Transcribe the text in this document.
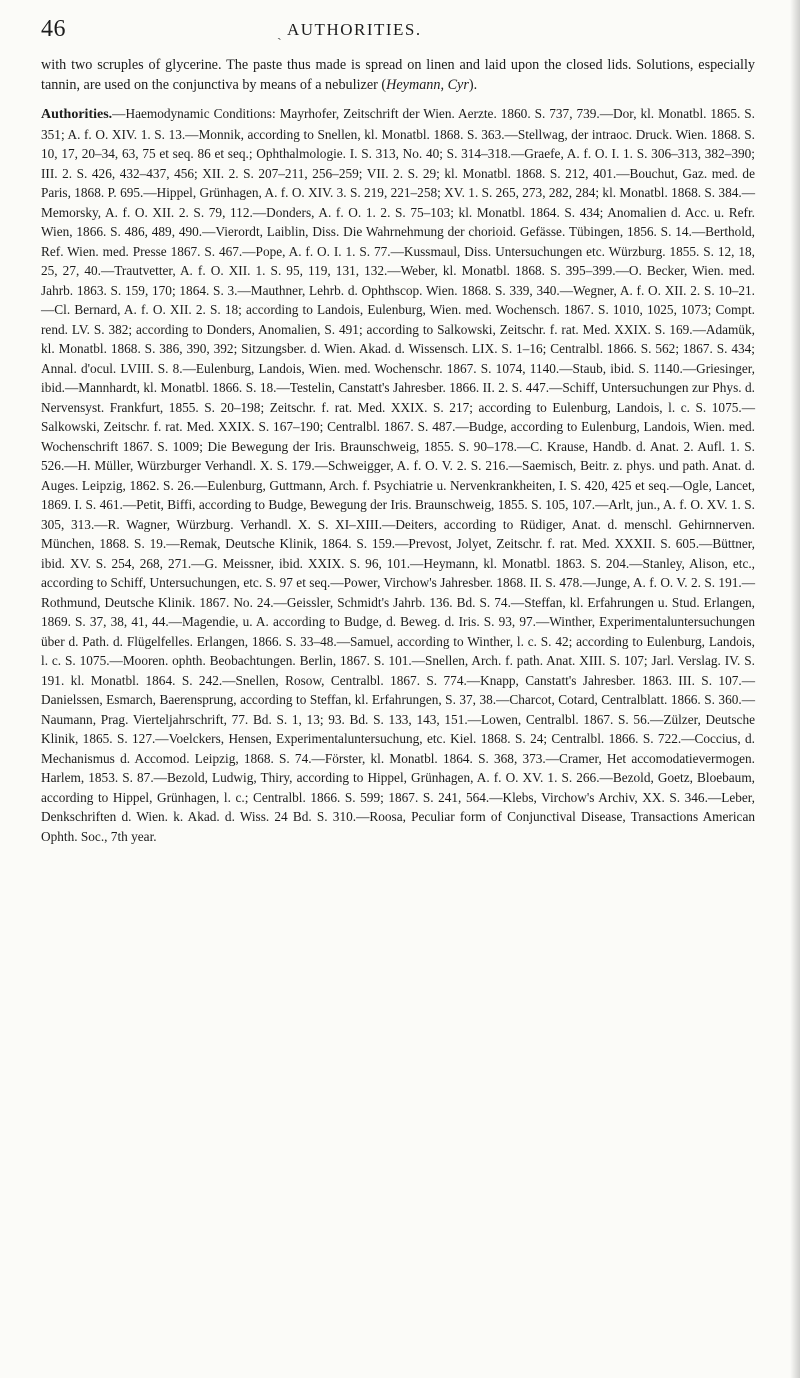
46
ˏ	AUTHORITIES.

with two scruples of glycerine. The paste thus made is spread on linen and laid upon the closed lids. Solutions, especially tannin, are used on the conjunctiva by means of a nebulizer (Heymann, Cyr).

Authorities.—Haemodynamic Conditions: Mayrhofer, Zeitschrift der Wien. Aerzte. 1860. S. 737, 739.—Dor, kl. Monatbl. 1865. S. 351; A. f. O. XIV. 1. S. 13.—Monnik, according to Snellen, kl. Monatbl. 1868. S. 363.—Stellwag, der intraoc. Druck. Wien. 1868. S. 10, 17, 20–34, 63, 75 et seq. 86 et seq.; Ophthalmologie. I. S. 313, No. 40; S. 314–318.—Graefe, A. f. O. I. 1. S. 306–313, 382–390; III. 2. S. 426, 432–437, 456; XII. 2. S. 207–211, 256–259; VII. 2. S. 29; kl. Monatbl. 1868. S. 212, 401.—Bouchut, Gaz. med. de Paris, 1868. P. 695.—Hippel, Grünhagen, A. f. O. XIV. 3. S. 219, 221–258; XV. 1. S. 265, 273, 282, 284; kl. Monatbl. 1868. S. 384.—Memorsky, A. f. O. XII. 2. S. 79, 112.—Donders, A. f. O. 1. 2. S. 75–103; kl. Monatbl. 1864. S. 434; Anomalien d. Acc. u. Refr. Wien, 1866. S. 486, 489, 490.—Vierordt, Laiblin, Diss. Die Wahrnehmung der chorioid. Gefässe. Tübingen, 1856. S. 14.—Berthold, Ref. Wien. med. Presse 1867. S. 467.—Pope, A. f. O. I. 1. S. 77.—Kussmaul, Diss. Untersuchungen etc. Würzburg. 1855. S. 12, 18, 25, 27, 40.—Trautvetter, A. f. O. XII. 1. S. 95, 119, 131, 132.—Weber, kl. Monatbl. 1868. S. 395–399.—O. Becker, Wien. med. Jahrb. 1863. S. 159, 170; 1864. S. 3.—Mauthner, Lehrb. d. Ophthscop. Wien. 1868. S. 339, 340.—Wegner, A. f. O. XII. 2. S. 10–21.—Cl. Bernard, A. f. O. XII. 2. S. 18; according to Landois, Eulenburg, Wien. med. Wochensch. 1867. S. 1010, 1025, 1073; Compt. rend. LV. S. 382; according to Donders, Anomalien, S. 491; according to Salkowski, Zeitschr. f. rat. Med. XXIX. S. 169.—Adamük, kl. Monatbl. 1868. S. 386, 390, 392; Sitzungsber. d. Wien. Akad. d. Wissensch. LIX. S. 1–16; Centralbl. 1866. S. 562; 1867. S. 434; Annal. d'ocul. LVIII. S. 8.—Eulenburg, Landois, Wien. med. Wochenschr. 1867. S. 1074, 1140.—Staub, ibid. S. 1140.—Griesinger, ibid.—Mannhardt, kl. Monatbl. 1866. S. 18.—Testelin, Canstatt's Jahresber. 1866. II. 2. S. 447.—Schiff, Untersuchungen zur Phys. d. Nervensyst. Frankfurt, 1855. S. 20–198; Zeitschr. f. rat. Med. XXIX. S. 217; according to Eulenburg, Landois, l. c. S. 1075.—Salkowski, Zeitschr. f. rat. Med. XXIX. S. 167–190; Centralbl. 1867. S. 487.—Budge, according to Eulenburg, Landois, Wien. med. Wochenschrift 1867. S. 1009; Die Bewegung der Iris. Braunschweig, 1855. S. 90–178.—C. Krause, Handb. d. Anat. 2. Aufl. 1. S. 526.—H. Müller, Würzburger Verhandl. X. S. 179.—Schweigger, A. f. O. V. 2. S. 216.—Saemisch, Beitr. z. phys. und path. Anat. d. Auges. Leipzig, 1862. S. 26.—Eulenburg, Guttmann, Arch. f. Psychiatrie u. Nervenkrankheiten, I. S. 420, 425 et seq.—Ogle, Lancet, 1869. I. S. 461.—Petit, Biffi, according to Budge, Bewegung der Iris. Braunschweig, 1855. S. 105, 107.—Arlt, jun., A. f. O. XV. 1. S. 305, 313.—R. Wagner, Würzburg. Verhandl. X. S. XI–XIII.—Deiters, according to Rüdiger, Anat. d. menschl. Gehirnnerven. München, 1868. S. 19.—Remak, Deutsche Klinik, 1864. S. 159.—Prevost, Jolyet, Zeitschr. f. rat. Med. XXXII. S. 605.—Büttner, ibid. XV. S. 254, 268, 271.—G. Meissner, ibid. XXIX. S. 96, 101.—Heymann, kl. Monatbl. 1863. S. 204.—Stanley, Alison, etc., according to Schiff, Untersuchungen, etc. S. 97 et seq.—Power, Virchow's Jahresber. 1868. II. S. 478.—Junge, A. f. O. V. 2. S. 191.—Rothmund, Deutsche Klinik. 1867. No. 24.—Geissler, Schmidt's Jahrb. 136. Bd. S. 74.—Steffan, kl. Erfahrungen u. Stud. Erlangen, 1869. S. 37, 38, 41, 44.—Magendie, u. A. according to Budge, d. Beweg. d. Iris. S. 93, 97.—Winther, Experimentaluntersuchungen über d. Path. d. Flügelfelles. Erlangen, 1866. S. 33–48.—Samuel, according to Winther, l. c. S. 42; according to Eulenburg, Landois, l. c. S. 1075.—Mooren. ophth. Beobachtungen. Berlin, 1867. S. 101.—Snellen, Arch. f. path. Anat. XIII. S. 107; Jarl. Verslag. IV. S. 191. kl. Monatbl. 1864. S. 242.—Snellen, Rosow, Centralbl. 1867. S. 774.—Knapp, Canstatt's Jahresber. 1863. III. S. 107.—Danielssen, Esmarch, Baerensprung, according to Steffan, kl. Erfahrungen, S. 37, 38.—Charcot, Cotard, Centralblatt. 1866. S. 360.—Naumann, Prag. Vierteljahrschrift, 77. Bd. S. 1, 13; 93. Bd. S. 133, 143, 151.—Lowen, Centralbl. 1867. S. 56.—Zülzer, Deutsche Klinik, 1865. S. 127.—Voelckers, Hensen, Experimentaluntersuchung, etc. Kiel. 1868. S. 24; Centralbl. 1866. S. 722.—Coccius, d. Mechanismus d. Accomod. Leipzig, 1868. S. 74.—Förster, kl. Monatbl. 1864. S. 368, 373.—Cramer, Het accomodatievermogen. Harlem, 1853. S. 87.—Bezold, Ludwig, Thiry, according to Hippel, Grünhagen, A. f. O. XV. 1. S. 266.—Bezold, Goetz, Bloebaum, according to Hippel, Grünhagen, l. c.; Centralbl. 1866. S. 599; 1867. S. 241, 564.—Klebs, Virchow's Archiv, XX. S. 346.—Leber, Denkschriften d. Wien. k. Akad. d. Wiss. 24 Bd. S. 310.—Roosa, Peculiar form of Conjunctival Disease, Transactions American Ophth. Soc., 7th year.
